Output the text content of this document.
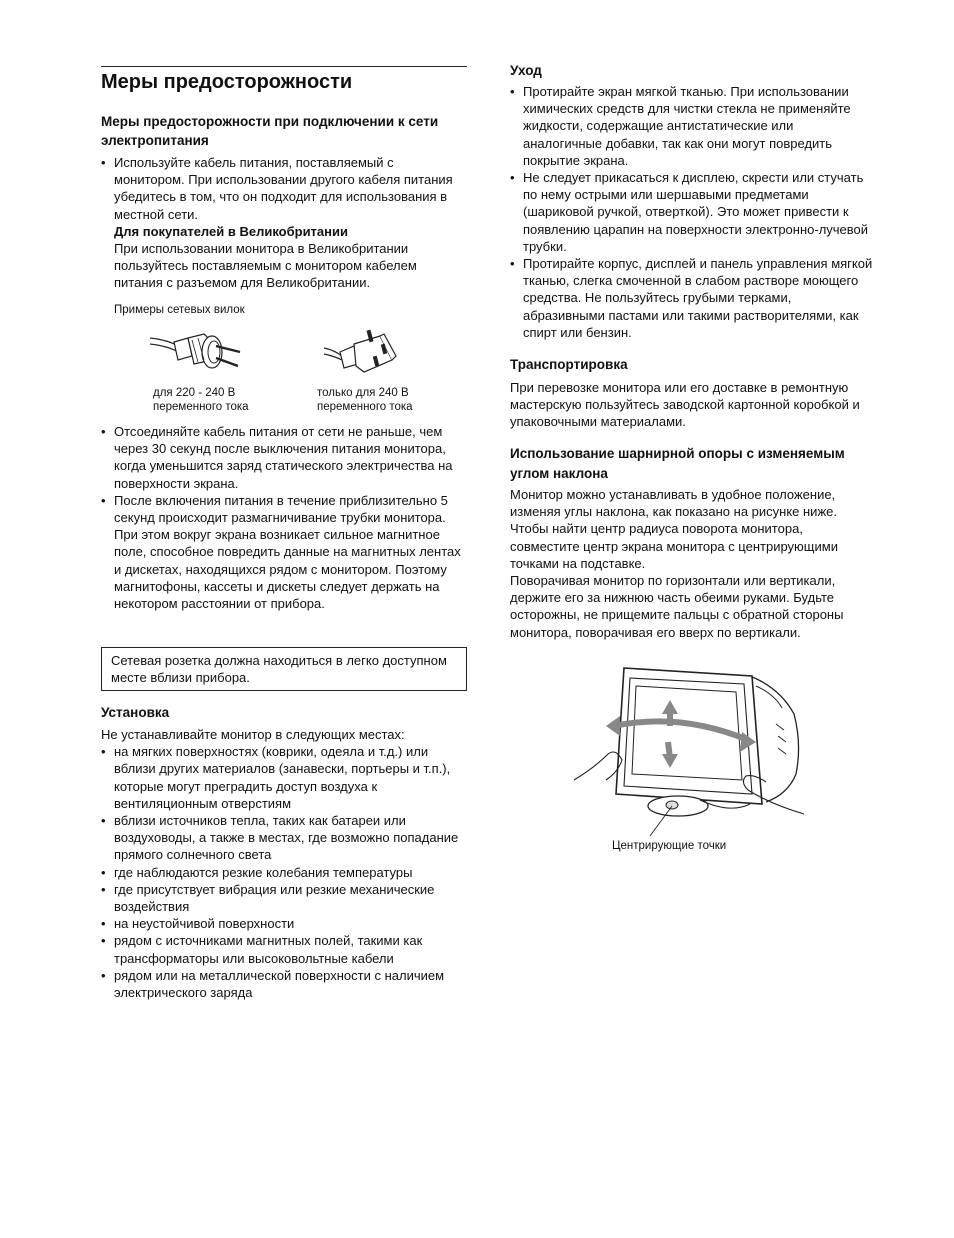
Меры предосторожности
Меры предосторожности при подключении к сети электропитания
• Используйте кабель питания, поставляемый с монитором. При использовании другого кабеля питания убедитесь в том, что он подходит для использования в местной сети.
Для покупателей в Великобритании
При использовании монитора в Великобритании пользуйтесь поставляемым с монитором кабелем питания с разъемом для Великобритании.
Примеры сетевых вилок
для 220 - 240 В переменного тока
только для 240 В переменного тока
• Отсоединяйте кабель питания от сети не раньше, чем через 30 секунд после выключения питания монитора, когда уменьшится заряд статического электричества на поверхности экрана.
• После включения питания в течение приблизительно 5 секунд происходит размагничивание трубки монитора. При этом вокруг экрана возникает сильное магнитное поле, способное повредить данные на магнитных лентах и дискетах, находящихся рядом с монитором. Поэтому магнитофоны, кассеты и дискеты следует держать на некотором расстоянии от прибора.
Сетевая розетка должна находиться в легко доступном месте вблизи прибора.
Установка

Не устанавливайте монитор в следующих местах:

• на мягких поверхностях (коврики, одеяла и т.д.) или вблизи других материалов (занавески, портьеры и т.п.), которые могут преградить доступ воздуха к вентиляционным отверстиям
• вблизи источников тепла, таких как батареи или воздуховоды, а также в местах, где возможно попадание прямого солнечного света
• где наблюдаются резкие колебания температуры
• где присутствует вибрация или резкие механические воздействия
• на неустойчивой поверхности
• рядом с источниками магнитных полей, такими как трансформаторы или высоковольтные кабели
• рядом или на металлической поверхности с наличием электрического заряда
Уход
• Протирайте экран мягкой тканью. При использовании химических средств для чистки стекла не применяйте жидкости, содержащие антистатические или аналогичные добавки, так как они могут повредить покрытие экрана.
• Не следует прикасаться к дисплею, скрести или стучать по нему острыми или шершавыми предметами (шариковой ручкой, отверткой). Это может привести к появлению царапин на поверхности электронно-лучевой трубки.
• Протирайте корпус, дисплей и панель управления мягкой тканью, слегка смоченной в слабом растворе моющего средства. Не пользуйтесь грубыми терками, абразивными пастами или такими растворителями, как спирт или бензин.
Транспортировка

При перевозке монитора или его доставке в ремонтную мастерскую пользуйтесь заводской картонной коробкой и упаковочными материалами.

Использование шарнирной опоры с изменяемым углом наклона

Монитор можно устанавливать в удобное положение, изменяя углы наклона, как показано на рисунке ниже. Чтобы найти центр радиуса поворота монитора, совместите центр экрана монитора с центрирующими точками на подставке.

Поворачивая монитор по горизонтали или вертикали, держите его за нижнюю часть обеими руками. Будьте осторожны, не прищемите пальцы с обратной стороны монитора, поворачивая его вверх по вертикали.

Центрирующие точки
